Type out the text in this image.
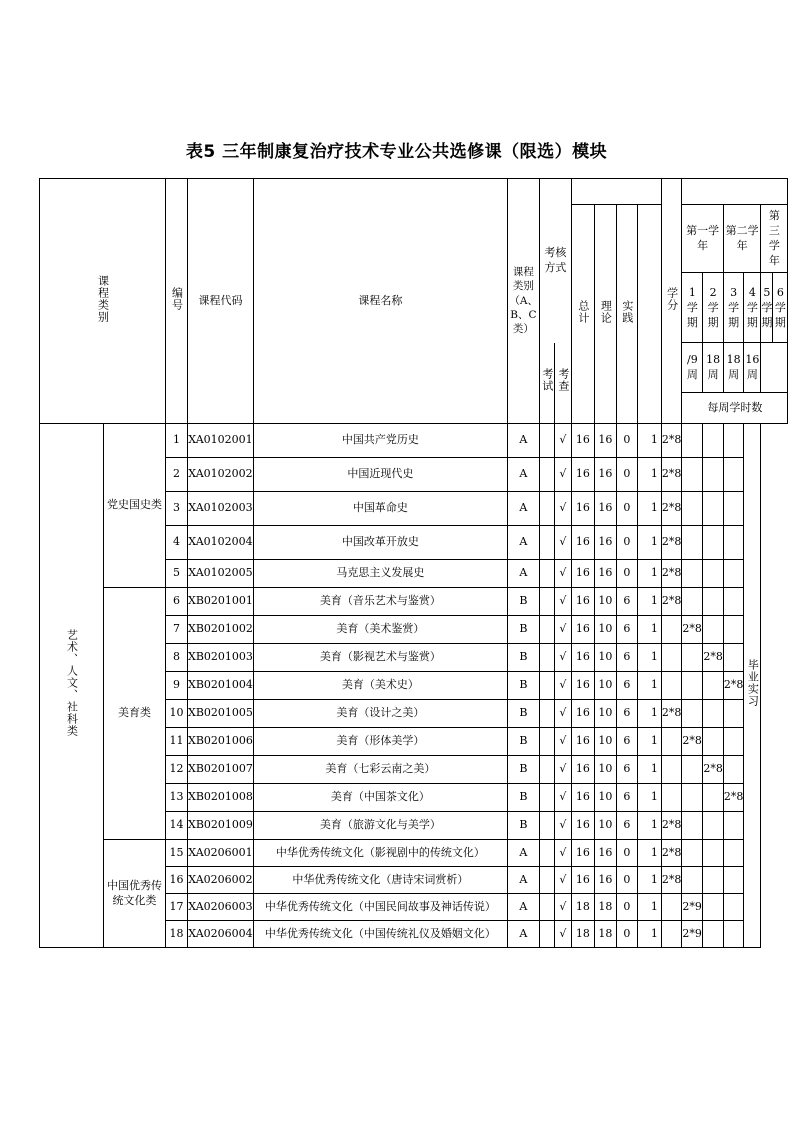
表5 三年制康复治疗技术专业公共选修课（限选）模块
课程类别		编号	课程代码	课程名称	课程类别（A、B、C类）	考核方式						学分						
								总计	理论	实践			第一学年		第二学年		第三学年	
													1学期	2学期	3学期	4学期	5学期	6学期
						考试	考查						/9周	18周	18周	16周		
													每周学时数					
艺术、人文、社科类	党史国史类	1	XA0102001	中国共产党历史	A		√	16	16	0	1	2*8				毕业实习		
		2	XA0102002	中国近现代史	A		√	16	16	0	1	2*8						
		3	XA0102003	中国革命史	A		√	16	16	0	1	2*8						
		4	XA0102004	中国改革开放史	A		√	16	16	0	1	2*8						
		5	XA0102005	马克思主义发展史	A		√	16	16	0	1	2*8						
	美育类	6	XB0201001	美育（音乐艺术与鉴赏）	B		√	16	10	6	1	2*8						
		7	XB0201002	美育（美术鉴赏）	B		√	16	10	6	1		2*8					
		8	XB0201003	美育（影视艺术与鉴赏）	B		√	16	10	6	1			2*8				
		9	XB0201004	美育（美术史）	B		√	16	10	6	1				2*8			
		10	XB0201005	美育（设计之美）	B		√	16	10	6	1	2*8						
		11	XB0201006	美育（形体美学）	B		√	16	10	6	1		2*8					
		12	XB0201007	美育（七彩云南之美）	B		√	16	10	6	1			2*8				
		13	XB0201008	美育（中国茶文化）	B		√	16	10	6	1				2*8			
		14	XB0201009	美育（旅游文化与美学）	B		√	16	10	6	1	2*8						
	中国优秀传统文化类	15	XA0206001	中华优秀传统文化（影视剧中的传统文化）	A		√	16	16	0	1	2*8						
		16	XA0206002	中华优秀传统文化（唐诗宋词赏析）	A		√	16	16	0	1	2*8						
		17	XA0206003	中华优秀传统文化（中国民间故事及神话传说）	A		√	18	18	0	1		2*9					
		18	XA0206004	中华优秀传统文化（中国传统礼仪及婚姻文化）	A		√	18	18	0	1		2*9					
